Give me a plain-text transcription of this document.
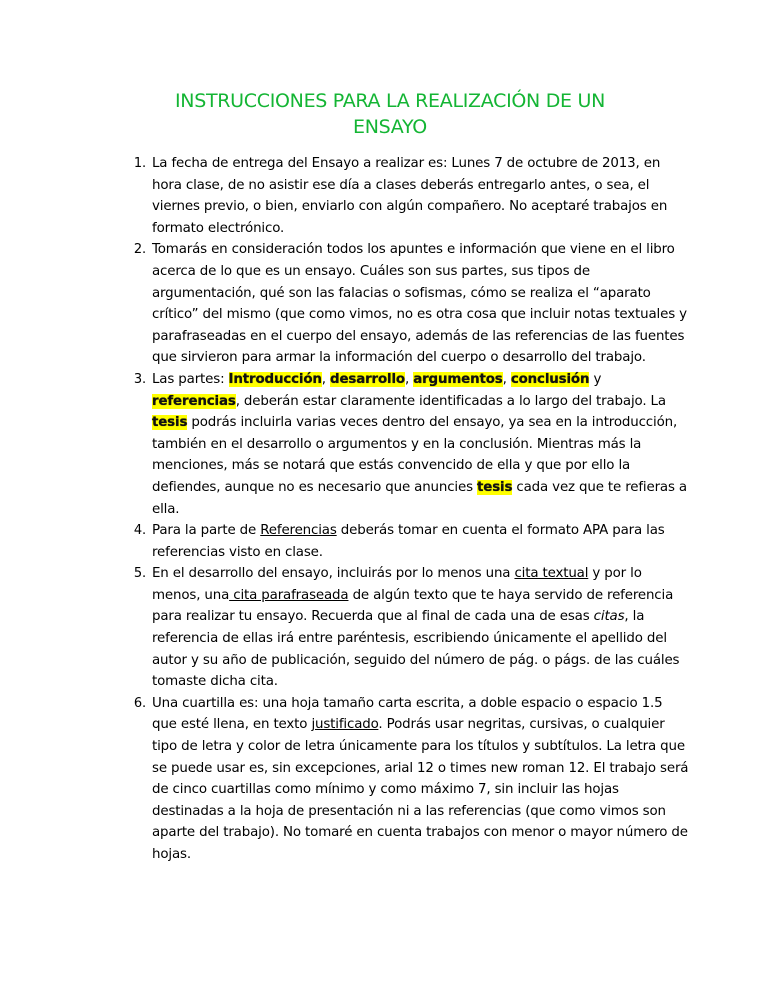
INSTRUCCIONES PARA LA REALIZACIÓN DE UN
ENSAYO
1. La fecha de entrega del Ensayo a realizar es: Lunes 7 de octubre de 2013, en hora clase, de no asistir ese día a clases deberás entregarlo antes, o sea, el viernes previo, o bien, enviarlo con algún compañero. No aceptaré trabajos en formato electrónico.
2. Tomarás en consideración todos los apuntes e información que viene en el libro acerca de lo que es un ensayo. Cuáles son sus partes, sus tipos de argumentación, qué son las falacias o sofismas, cómo se realiza el “aparato crítico” del mismo (que como vimos, no es otra cosa que incluir notas textuales y parafraseadas en el cuerpo del ensayo, además de las referencias de las fuentes que sirvieron para armar la información del cuerpo o desarrollo del trabajo.
3. Las partes: Introducción, desarrollo, argumentos, conclusión y referencias, deberán estar claramente identificadas a lo largo del trabajo. La tesis podrás incluirla varias veces dentro del ensayo, ya sea en la introducción, también en el desarrollo o argumentos y en la conclusión. Mientras más la menciones, más se notará que estás convencido de ella y que por ello la defiendes, aunque no es necesario que anuncies tesis cada vez que te refieras a ella.
4. Para la parte de Referencias deberás tomar en cuenta el formato APA para las referencias visto en clase.
5. En el desarrollo del ensayo, incluirás por lo menos una cita textual y por lo menos, una cita parafraseada de algún texto que te haya servido de referencia para realizar tu ensayo. Recuerda que al final de cada una de esas citas, la referencia de ellas irá entre paréntesis, escribiendo únicamente el apellido del autor y su año de publicación, seguido del número de pág. o págs. de las cuáles tomaste dicha cita.
6. Una cuartilla es: una hoja tamaño carta escrita, a doble espacio o espacio 1.5 que esté llena, en texto justificado. Podrás usar negritas, cursivas, o cualquier tipo de letra y color de letra únicamente para los títulos y subtítulos. La letra que se puede usar es, sin excepciones, arial 12 o times new roman 12. El trabajo será de cinco cuartillas como mínimo y como máximo 7, sin incluir las hojas destinadas a la hoja de presentación ni a las referencias (que como vimos son aparte del trabajo). No tomaré en cuenta trabajos con menor o mayor número de hojas.
